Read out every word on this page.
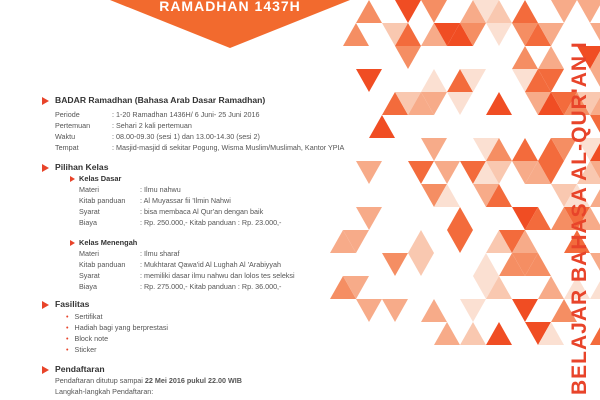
RAMADHAN 1437H
BELAJAR BAHASA AL-QUR'AN I
BADAR Ramadhan (Bahasa Arab Dasar Ramadhan)
Periode	: 1-20 Ramadhan 1436H/ 6 Juni- 25 Juni 2016
Pertemuan	: Sehari 2 kali pertemuan
Waktu	: 08.00-09.30 (sesi 1) dan 13.00-14.30 (sesi 2)
Tempat	: Masjid-masjid di sekitar Pogung, Wisma Muslim/Muslimah, Kantor YPIA
Pilihan Kelas
Kelas Dasar
Materi	: Ilmu nahwu
Kitab panduan : Al Muyassar fii 'Ilmin Nahwi
Syarat	: bisa membaca Al Qur'an dengan baik
Biaya	: Rp. 250.000,- Kitab panduan : Rp. 23.000,-
Kelas Menengah
Materi	: Ilmu sharaf
Kitab panduan : Mukhtarat Qawa'id Al Lughah Al 'Arabiyyah
Syarat	: memiliki dasar ilmu nahwu dan lolos tes seleksi
Biaya	: Rp. 275.000,- Kitab panduan : Rp. 36.000,-
Fasilitas
• Sertifikat
• Hadiah bagi yang berprestasi
• Block note
• Sticker
Pendaftaran
Pendaftaran ditutup sampai 22 Mei 2016 pukul 22.00 WIB
Langkah-langkah Pendaftaran:
